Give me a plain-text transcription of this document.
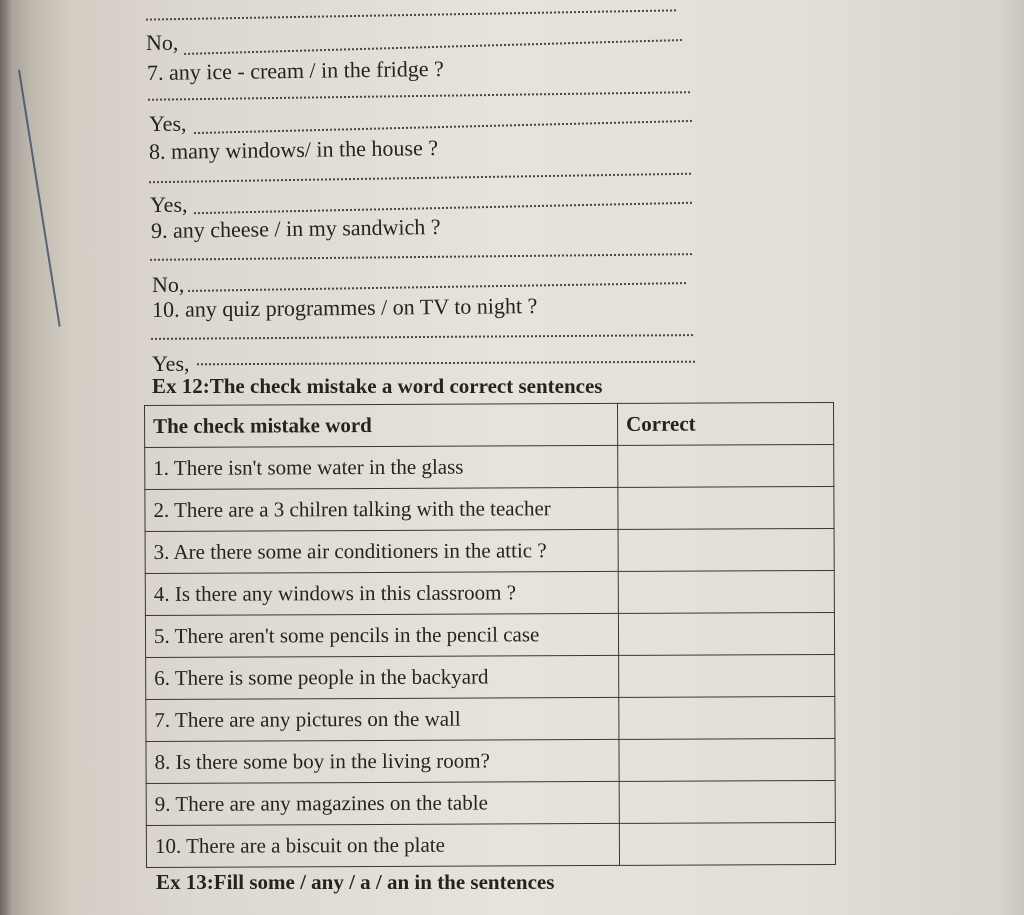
No,
7. any ice - cream / in the fridge ?
Yes,
8. many windows/ in the house ?
Yes,
9. any cheese / in my sandwich ?
No,
10. any quiz programmes / on TV to night ?
Yes,
Ex 12:The check mistake a word correct sentences
The check mistake word	Correct
1. There isn't some water in the glass	
2. There are a 3 chilren talking with the teacher	
3. Are there some air conditioners in the attic ?	
4. Is there any windows in this classroom ?	
5. There aren't some pencils in the pencil case	
6. There is some people in the backyard	
7. There are any pictures on the wall	
8. Is there some boy in the living room?	
9. There are any magazines on the table	
10. There are a biscuit on the plate	
Ex 13:Fill some / any / a / an in the sentences
